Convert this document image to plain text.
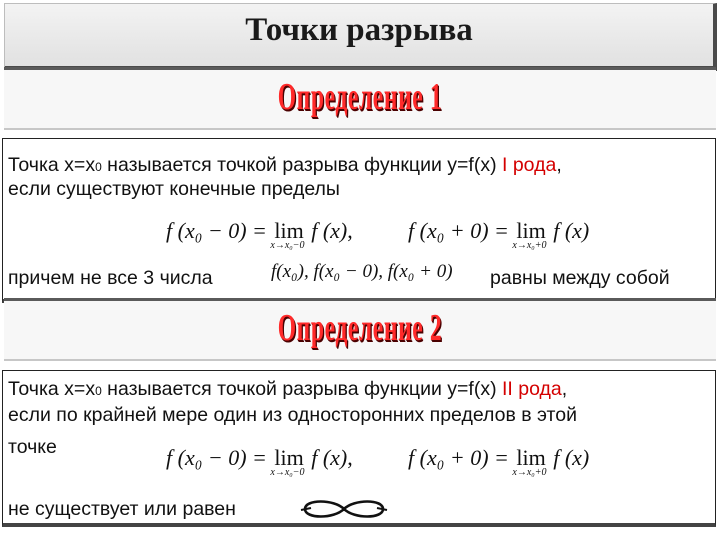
Точки разрыва
Определение 1
Точка x=x0 называется точкой разрыва функции y=f(x) I рода,
если существуют конечные пределы
f (x₀ − 0) = lim
x→x₀−0
f (x),	f (x₀ + 0) = lim
x→x₀+0
f (x)
причем не все 3 числа	f(x₀), f(x₀ − 0), f(x₀ + 0) равны между собой
Определение 2
Точка x=x0 называется точкой разрыва функции y=f(x) II рода,
если по крайней мере один из односторонних пределов в этой
точке	f (x₀ − 0) = lim
x→x₀−0
f (x),	f (x₀ + 0) = lim
x→x₀+0
f (x)
не существует или равен
